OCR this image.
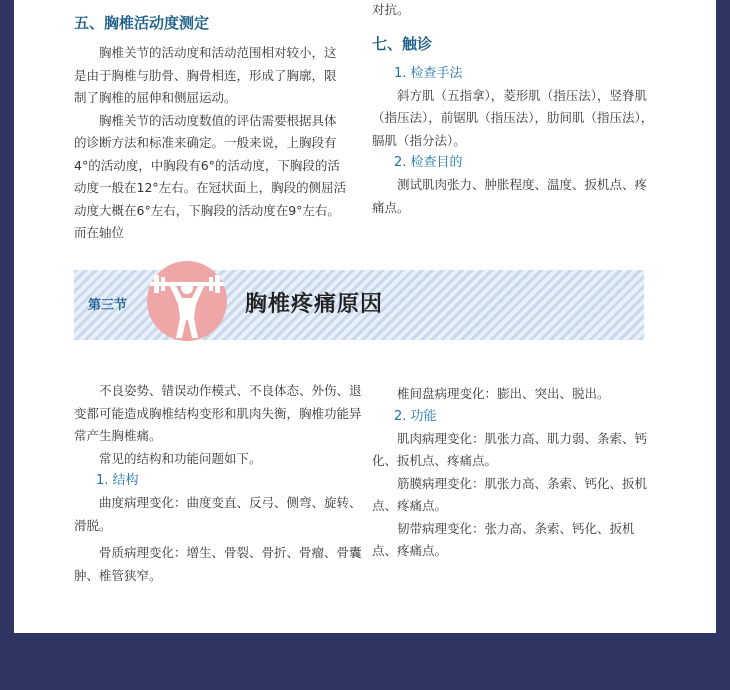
五、胸椎活动度测定

胸椎关节的活动度和活动范围相对较小，这是由于胸椎与肋骨、胸骨相连，形成了胸廓，限制了胸椎的屈伸和侧屈运动。

胸椎关节的活动度数值的评估需要根据具体的诊断方法和标准来确定。一般来说，上胸段有4°的活动度，中胸段有6°的活动度，下胸段的活动度一般在12°左右。在冠状面上，胸段的侧屈活动度大概在6°左右，下胸段的活动度在9°左右。而在轴位

对抗。

七、触诊

1. 检查手法

斜方肌（五指拿），菱形肌（指压法），竖脊肌（指压法），前锯肌（指压法），肋间肌（指压法），膈肌（指分法）。

2. 检查目的

测试肌肉张力、肿胀程度、温度、扳机点、疼痛点。

第三节	胸椎疼痛原因

不良姿势、错误动作模式、不良体态、外伤、退变都可能造成胸椎结构变形和肌肉失衡，胸椎功能异常产生胸椎痛。

常见的结构和功能问题如下。

1. 结构

曲度病理变化：曲度变直、反弓、侧弯、旋转、滑脱。

骨质病理变化：增生、骨裂、骨折、骨瘤、骨囊肿、椎管狭窄。

椎间盘病理变化：膨出、突出、脱出。

2. 功能

肌肉病理变化：肌张力高、肌力弱、条索、钙化、扳机点、疼痛点。

筋膜病理变化：肌张力高、条索、钙化、扳机点、疼痛点。

韧带病理变化：张力高、条索、钙化、扳机点、疼痛点。
